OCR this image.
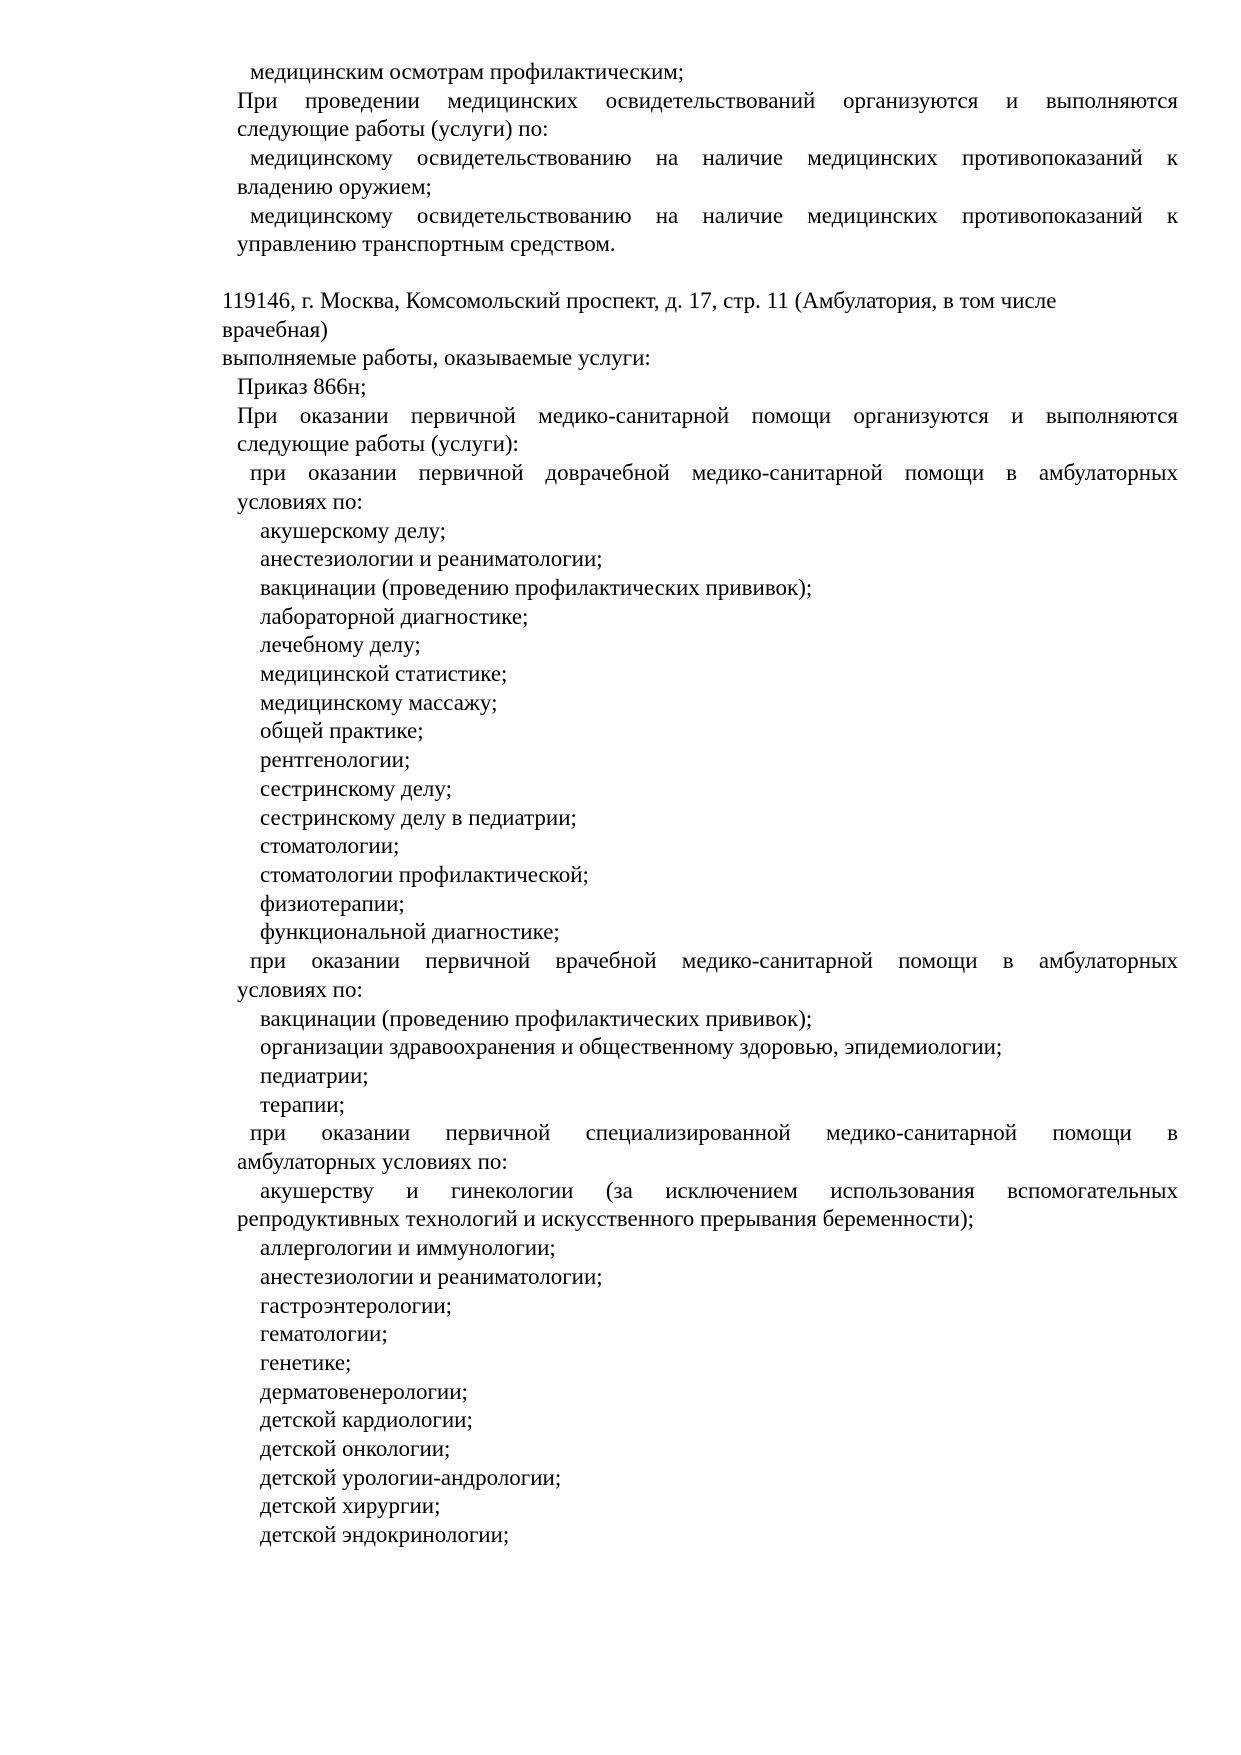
медицинским осмотрам профилактическим;
При проведении медицинских освидетельствований организуются и выполняются
следующие работы (услуги) по:
медицинскому освидетельствованию на наличие медицинских противопоказаний к
владению оружием;
медицинскому освидетельствованию на наличие медицинских противопоказаний к
управлению транспортным средством.
119146, г. Москва, Комсомольский проспект, д. 17, стр. 11 (Амбулатория, в том числе
врачебная)
выполняемые работы, оказываемые услуги:
Приказ 866н;
При оказании первичной медико-санитарной помощи организуются и выполняются
следующие работы (услуги):
при оказании первичной доврачебной медико-санитарной помощи в амбулаторных
условиях по:
акушерскому делу;
анестезиологии и реаниматологии;
вакцинации (проведению профилактических прививок);
лабораторной диагностике;
лечебному делу;
медицинской статистике;
медицинскому массажу;
общей практике;
рентгенологии;
сестринскому делу;
сестринскому делу в педиатрии;
стоматологии;
стоматологии профилактической;
физиотерапии;
функциональной диагностике;
при оказании первичной врачебной медико-санитарной помощи в амбулаторных
условиях по:
вакцинации (проведению профилактических прививок);
организации здравоохранения и общественному здоровью, эпидемиологии;
педиатрии;
терапии;
при оказании первичной специализированной медико-санитарной помощи в
амбулаторных условиях по:
акушерству и гинекологии (за исключением использования вспомогательных
репродуктивных технологий и искусственного прерывания беременности);
аллергологии и иммунологии;
анестезиологии и реаниматологии;
гастроэнтерологии;
гематологии;
генетике;
дерматовенерологии;
детской кардиологии;
детской онкологии;
детской урологии-андрологии;
детской хирургии;
детской эндокринологии;
